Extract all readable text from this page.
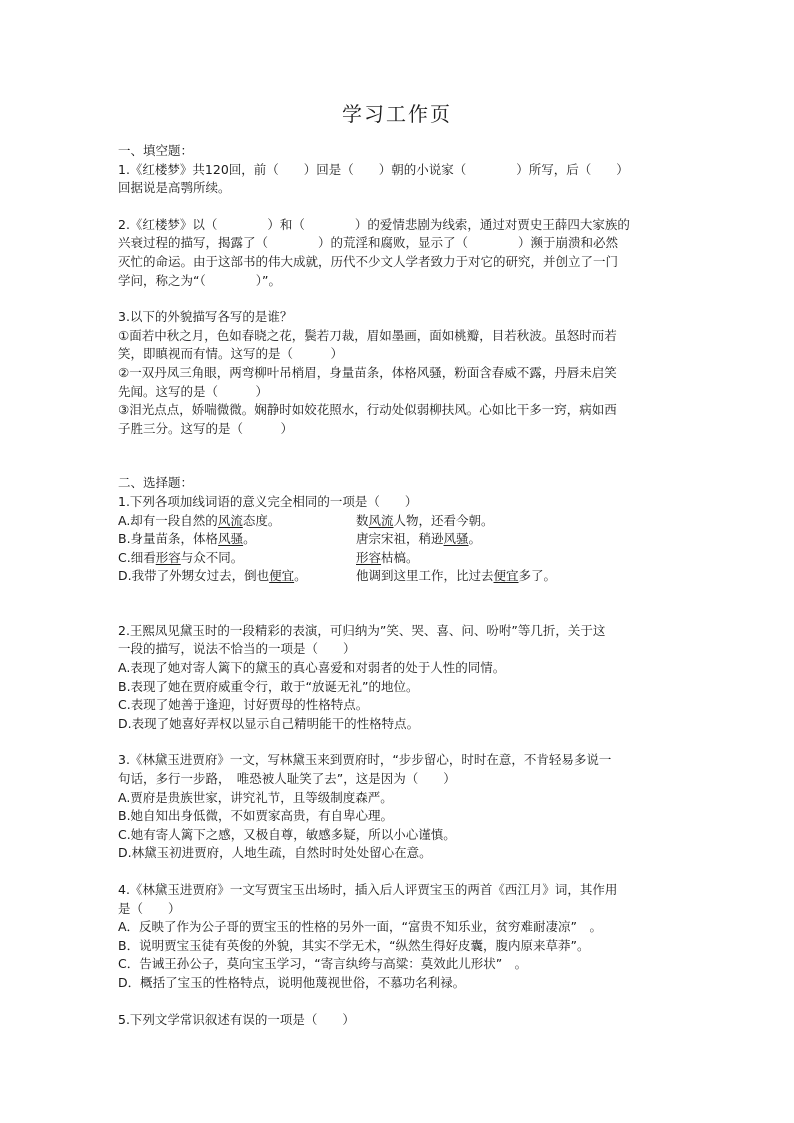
学习工作页
一、填空题：
1.《红楼梦》共120回，前（　　）回是（　　）朝的小说家（　　　　）所写，后（　　）
回据说是高鹗所续。
2.《红楼梦》以（　　　　）和（　　　　）的爱情悲剧为线索，通过对贾史王薛四大家族的
兴衰过程的描写，揭露了（　　　　）的荒淫和腐败，显示了（　　　　）濒于崩溃和必然
灭忙的命运。由于这部书的伟大成就，历代不少文人学者致力于对它的研究，并创立了一门
学问，称之为“（　　　　）”。
3.以下的外貌描写各写的是谁？
①面若中秋之月，色如春晓之花，鬓若刀裁，眉如墨画，面如桃瓣，目若秋波。虽怒时而若
笑，即瞋视而有情。这写的是（　　　）
②一双丹凤三角眼，两弯柳叶吊梢眉，身量苗条，体格风骚，粉面含春威不露，丹唇未启笑
先闻。这写的是（　　　）
③泪光点点，娇喘微微。娴静时如姣花照水，行动处似弱柳扶风。心如比干多一窍，病如西
子胜三分。这写的是（　　　）
二、选择题：
1.下列各项加线词语的意义完全相同的一项是（　　）
A.却有一段自然的风流态度。	数风流人物，还看今朝。
B.身量苗条，体格风骚。	唐宗宋祖，稍逊风骚。
C.细看形容与众不同。	形容枯槁。
D.我带了外甥女过去，倒也便宜。	他调到这里工作，比过去便宜多了。
2.王熙凤见黛玉时的一段精彩的表演，可归纳为”笑、哭、喜、问、吩咐”等几折，关于这
一段的描写，说法不恰当的一项是（　　）
A.表现了她对寄人篱下的黛玉的真心喜爱和对弱者的处于人性的同情。
B.表现了她在贾府威重令行，敢于“放诞无礼”的地位。
C.表现了她善于逢迎，讨好贾母的性格特点。
D.表现了她喜好弄权以显示自己精明能干的性格特点。
3.《林黛玉进贾府》一文，写林黛玉来到贾府时，“步步留心，时时在意，不肯轻易多说一
句话，多行一步路，　唯恐被人耻笑了去”，这是因为（　　）
A.贾府是贵族世家，讲究礼节，且等级制度森严。
B.她自知出身低微，不如贾家高贵，有自卑心理。
C.她有寄人篱下之感，又极自尊，敏感多疑，所以小心谨慎。
D.林黛玉初进贾府，人地生疏，自然时时处处留心在意。
4.《林黛玉进贾府》一文写贾宝玉出场时，插入后人评贾宝玉的两首《西江月》词，其作用
是（　　）
A．反映了作为公子哥的贾宝玉的性格的另外一面，“富贵不知乐业，贫穷难耐凄凉”　。
B．说明贾宝玉徒有英俊的外貌，其实不学无术，“纵然生得好皮囊，腹内原来草莽”。
C．告诫王孙公子，莫向宝玉学习，“寄言纨绔与高粱：莫效此儿形状”　。
D．概括了宝玉的性格特点，说明他蔑视世俗，不慕功名利禄。
5.下列文学常识叙述有误的一项是（　　）
